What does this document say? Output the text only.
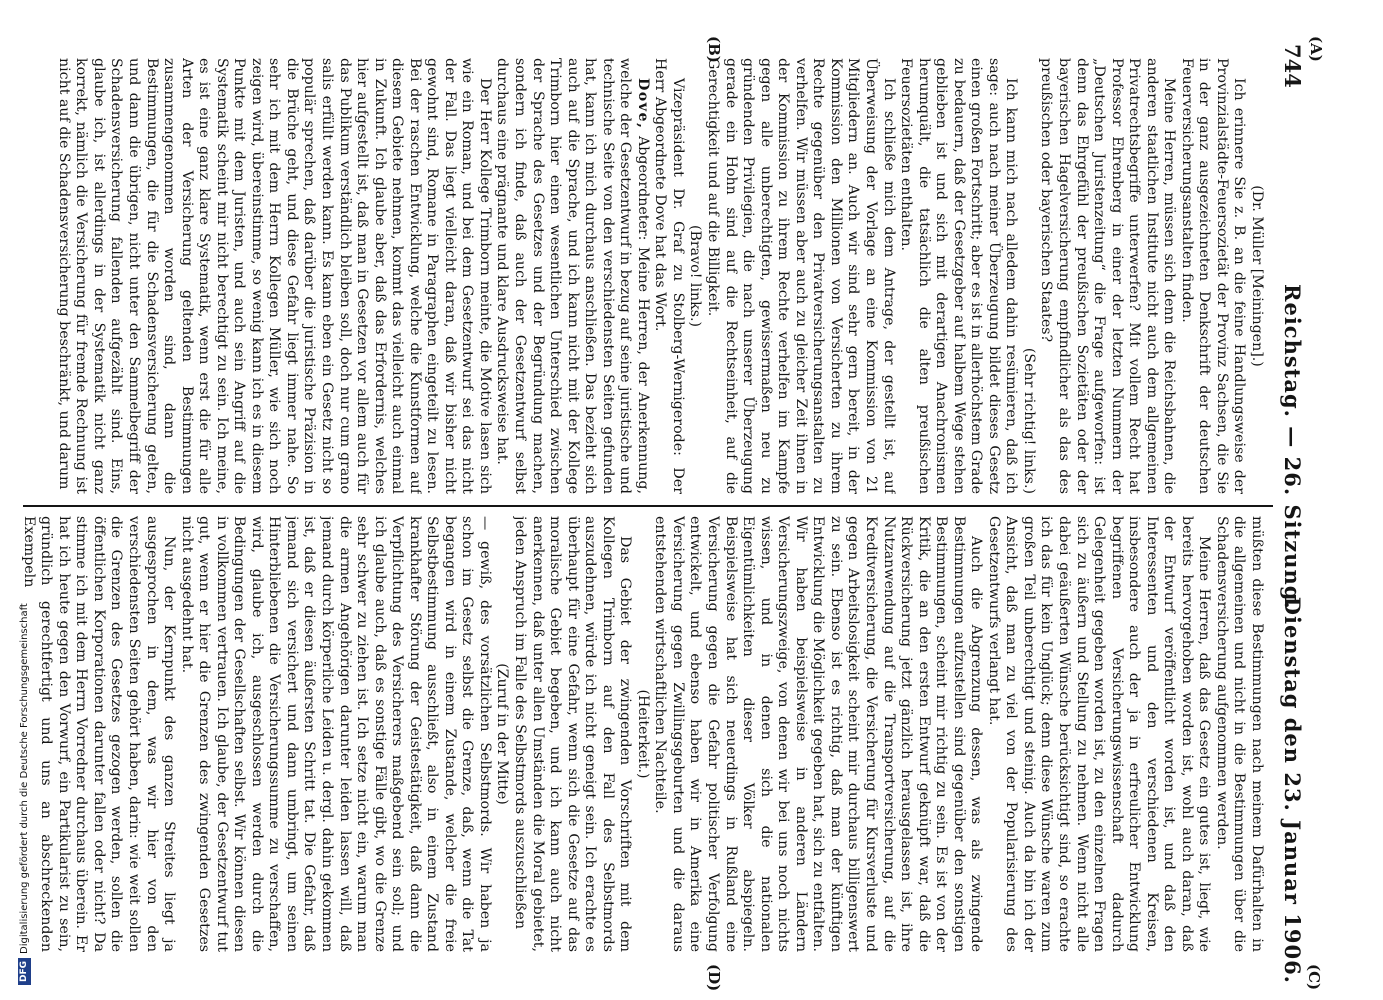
744
Reichstag. — 26. Sitzung.
Dienstag den 23. Januar 1906.
(A)
(B)
(C)
(D)

(Dr. Müller [Meiningen].)

Ich erinnere Sie z. B. an die feine Handlungsweise der Provinzialstädte-Feuersozietät der Provinz Sachsen, die Sie in der ganz ausgezeichneten Denkschrift der deutschen Feuerversicherungsanstalten finden.

Meine Herren, müssen sich denn die Reichsbahnen, die anderen staatlichen Institute nicht auch dem allgemeinen Privatrechtsbegriffe unterwerfen? Mit vollem Recht hat Professor Ehrenberg in einer der letzten Nummern der „Deutschen Juristenzeitung“ die Frage aufgeworfen: ist denn das Ehrgefühl der preußischen Sozietäten oder der bayerischen Hagelversicherung empfindlicher als das des preußischen oder bayerischen Staates?

(Sehr richtig! links.)

Ich kann mich nach alledem dahin resümieren, daß ich sage: auch nach meiner Überzeugung bildet dieses Gesetz einen großen Fortschritt; aber es ist in allerhöchstem Grade zu bedauern, daß der Gesetzgeber auf halbem Wege stehen geblieben ist und sich mit derartigen Anachronismen herumquält, die tatsächlich die alten preußischen Feuersozietäten enthalten.

Ich schließe mich dem Antrage, der gestellt ist, auf Überweisung der Vorlage an eine Kommission von 21 Mitgliedern an. Auch wir sind sehr gern bereit, in der Kommission den Millionen von Versicherten zu ihrem Rechte gegenüber den Privatversicherungsanstalten zu verhelfen. Wir müssen aber auch zu gleicher Zeit ihnen in der Kommission zu ihrem Rechte verhelfen im Kampfe gegen alle unberechtigten, gewissermaßen neu zu gründenden Privilegien, die nach unserer Überzeugung gerade ein Hohn sind auf die Rechtseinheit, auf die Gerechtigkeit und auf die Billigkeit.

(Bravo! links.)

Vizepräsident Dr. Graf zu Stolberg-Wernigerode: Der Herr Abgeordnete Dove hat das Wort.

Dove, Abgeordneter: Meine Herren, der Anerkennung, welche der Gesetzentwurf in bezug auf seine juristische und technische Seite von den verschiedensten Seiten gefunden hat, kann ich mich durchaus anschließen. Das bezieht sich auch auf die Sprache, und ich kann nicht mit der Kollege Trimborn hier einen wesentlichen Unterschied zwischen der Sprache des Gesetzes und der Begründung machen, sondern ich finde, daß auch der Gesetzentwurf selbst durchaus eine prägnante und klare Ausdrucksweise hat.

Der Herr Kollege Trimborn meinte, die Motive lasen sich wie ein Roman, und bei dem Gesetzentwurf sei das nicht der Fall. Das liegt vielleicht daran, daß wir bisher nicht gewohnt sind, Romane in Paragraphen eingeteilt zu lesen. Bei der raschen Entwicklung, welche die Kunstformen auf diesem Gebiete nehmen, kommt das vielleicht auch einmal in Zukunft. Ich glaube aber, daß das Erfordernis, welches hier aufgestellt ist, daß man in Gesetzen vor allem auch für das Publikum verständlich bleiben soll, doch nur cum grano salis erfüllt werden kann. Es kann eben ein Gesetz nicht so populär sprechen, daß darüber die juristische Präzision in die Brüche geht, und diese Gefahr liegt immer nahe. So sehr ich mit dem Herrn Kollegen Müller, wie sich noch zeigen wird, übereinstimme, so wenig kann ich es in diesem Punkte mit dem Juristen, und auch sein Angriff auf die Systematik scheint mir nicht berechtigt zu sein. Ich meine, es ist eine ganz klare Systematik, wenn erst die für alle Arten der Versicherung geltenden Bestimmungen zusammengenommen worden sind, dann die Bestimmungen, die für die Schadensversicherung gelten, und dann die übrigen, nicht unter den Sammelbegriff der Schadensversicherung fallenden aufgezählt sind. Eins, glaube ich, ist allerdings in der Systematik nicht ganz korrekt, nämlich die Versicherung für fremde Rechnung ist nicht auf die Schadensversicherung beschränkt, und darum

müßten diese Bestimmungen nach meinem Dafürhalten in die allgemeinen und nicht in die Bestimmungen über die Schadensversicherung aufgenommen werden.

Meine Herren, daß das Gesetz ein gutes ist, liegt, wie bereits hervorgehoben worden ist, wohl auch daran, daß der Entwurf veröffentlicht worden ist, und daß den Interessenten und den verschiedenen Kreisen, insbesondere auch der ja in erfreulicher Entwicklung begriffenen Versicherungswissenschaft dadurch Gelegenheit gegeben worden ist, zu den einzelnen Fragen sich zu äußern und Stellung zu nehmen. Wenn nicht alle dabei geäußerten Wünsche berücksichtigt sind, so erachte ich das für kein Unglück; denn diese Wünsche waren zum großen Teil unberechtigt und steinig. Auch da bin ich der Ansicht, daß man zu viel von der Popularisierung des Gesetzentwurfs verlangt hat.

Auch die Abgrenzung dessen, was als zwingende Bestimmungen aufzustellen sind gegenüber den sonstigen Bestimmungen, scheint mir richtig zu sein. Es ist von der Kritik, die an den ersten Entwurf geknüpft war, daß die Rückversicherung jetzt gänzlich herausgelassen ist, ihre Nutzanwendung auf die Transportversicherung, auf die Kreditversicherung, die Versicherung für Kursverluste und gegen Arbeitslosigkeit scheint mir durchaus billigenswert zu sein. Ebenso ist es richtig, daß man der künftigen Entwicklung die Möglichkeit gegeben hat, sich zu entfalten. Wir haben beispielsweise in anderen Ländern Versicherungszweige, von denen wir bei uns noch nichts wissen, und in denen sich die nationalen Eigentümlichkeiten dieser Völker abspiegeln. Beispielsweise hat sich neuerdings in Rußland eine Versicherung gegen die Gefahr politischer Verfolgung entwickelt, und ebenso haben wir in Amerika eine Versicherung gegen Zwillingsgeburten und die daraus entstehenden wirtschaftlichen Nachteile.

(Heiterkeit.)

Das Gebiet der zwingenden Vorschriften mit dem Kollegen Trimborn auf den Fall des Selbstmords auszudehnen, würde ich nicht geneigt sein. Ich erachte es überhaupt für eine Gefahr, wenn sich die Gesetze auf das moralische Gebiet begeben, und ich kann auch nicht anerkennen, daß unter allen Umständen die Moral gebietet, jeden Anspruch im Falle des Selbstmords auszuschließen

(Zuruf in der Mitte)

— gewiß, des vorsätzlichen Selbstmords. Wir haben ja schon im Gesetz selbst die Grenze, daß, wenn die Tat begangen wird in einem Zustande, welcher die freie Selbstbestimmung ausschließt, also in einem Zustand krankhafter Störung der Geistestätigkeit, daß dann die Verpflichtung des Versicherers maßgebend sein soll; und ich glaube auch, daß es sonstige Fälle gibt, wo die Grenze sehr schwer zu ziehen ist. Ich setze nicht ein, warum man die armen Angehörigen darunter leiden lassen will, daß jemand durch körperliche Leiden u. dergl. dahin gekommen ist, daß er diesen äußersten Schritt tat. Die Gefahr, daß jemand sich versichert und dann umbringt, um seinen Hinterbliebenen die Versicherungssumme zu verschaffen, wird, glaube ich, ausgeschlossen werden durch die Bedingungen der Gesellschaften selbst. Wir können diesen in vollkommen vertrauen. Ich glaube, der Gesetzentwurf tut gut, wenn er hier die Grenzen des zwingenden Gesetzes nicht ausgedehnt hat.

Nun, der Kernpunkt des ganzen Streites liegt ja ausgesprochen in dem, was wir hier von den verschiedensten Seiten gehört haben, darin: wie weit sollen die Grenzen des Gesetzes gezogen werden, sollen die öffentlichen Korporationen darunter fallen oder nicht? Da stimme ich mit dem Herrn Vorredner durchaus überein. Er hat ich heute gegen den Vorwurf, ein Partikularist zu sein, gründlich gerechtfertigt und uns an abschreckenden Exempeln

DFGDigitalisierung gefördert durch die Deutsche Forschungsgemeinschaft
